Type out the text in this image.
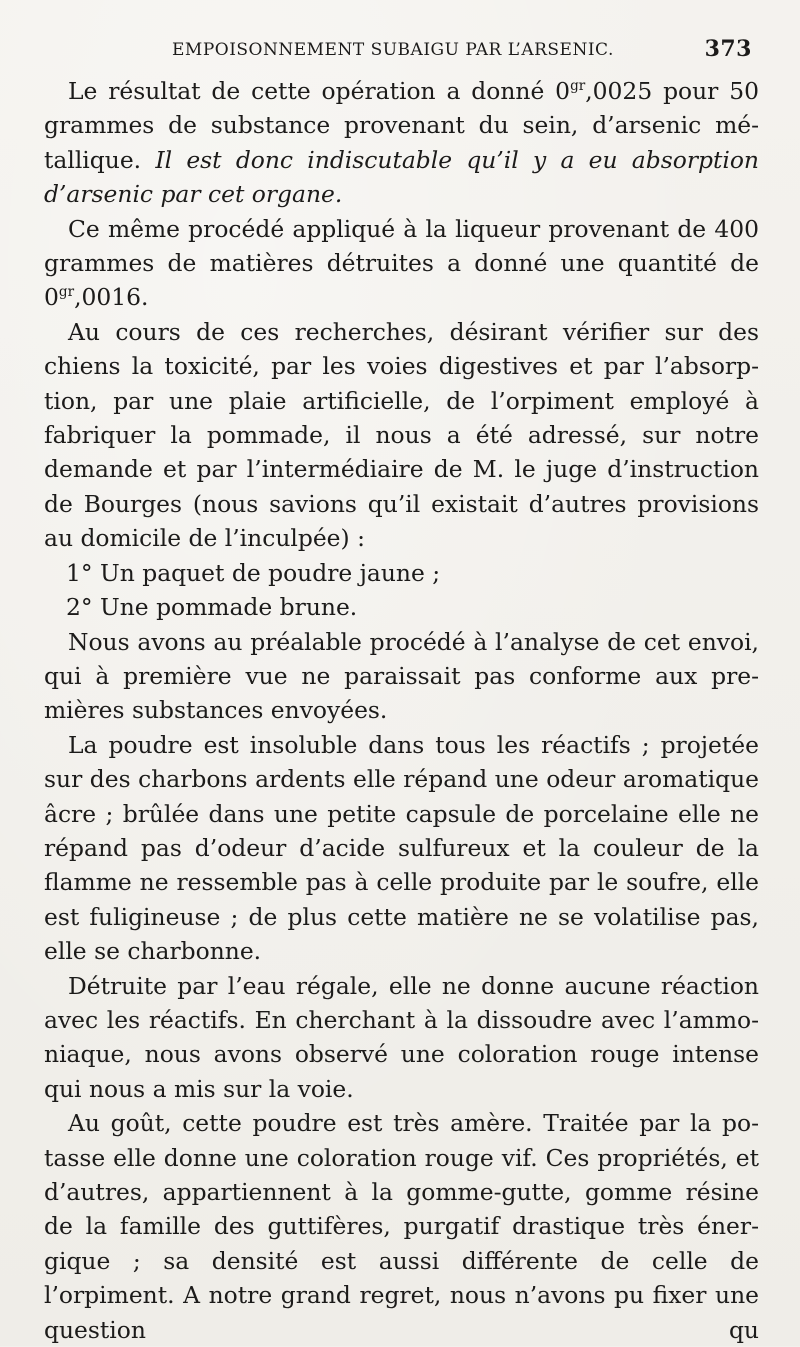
EMPOISONNEMENT SUBAIGU PAR L’ARSENIC.	373

Le résultat de cette opération a donné $0^{gr},0025$ pour 50 grammes de substance provenant du sein, d’arsenic métallique. Il est donc indiscutable qu’il y a eu absorption d’arsenic par cet organe.

Ce même procédé appliqué à la liqueur provenant de 400 grammes de matières détruites a donné une quantité de $0^{gr},0016$.

Au cours de ces recherches, désirant vérifier sur des chiens la toxicité, par les voies digestives et par l’absorption, par une plaie artificielle, de l’orpiment employé à fabriquer la pommade, il nous a été adressé, sur notre demande et par l’intermédiaire de M. le juge d’instruction de Bourges (nous savions qu’il existait d’autres provisions au domicile de l’inculpée) :

1° Un paquet de poudre jaune ;

2° Une pommade brune.

Nous avons au préalable procédé à l’analyse de cet envoi, qui à première vue ne paraissait pas conforme aux premières substances envoyées.

La poudre est insoluble dans tous les réactifs ; projetée sur des charbons ardents elle répand une odeur aromatique âcre ; brûlée dans une petite capsule de porcelaine elle ne répand pas d’odeur d’acide sulfureux et la couleur de la flamme ne ressemble pas à celle produite par le soufre, elle est fuligineuse ; de plus cette matière ne se volatilise pas, elle se charbonne.

Détruite par l’eau régale, elle ne donne aucune réaction avec les réactifs. En cherchant à la dissoudre avec l’ammoniaque, nous avons observé une coloration rouge intense qui nous a mis sur la voie.

Au goût, cette poudre est très amère. Traitée par la potasse elle donne une coloration rouge vif. Ces propriétés, et d’autres, appartiennent à la gomme-gutte, gomme résine de la famille des guttifères, purgatif drastique très énergique ; sa densité est aussi différente de celle de l’orpiment. A notre grand regret, nous n’avons pu fixer une question qu
